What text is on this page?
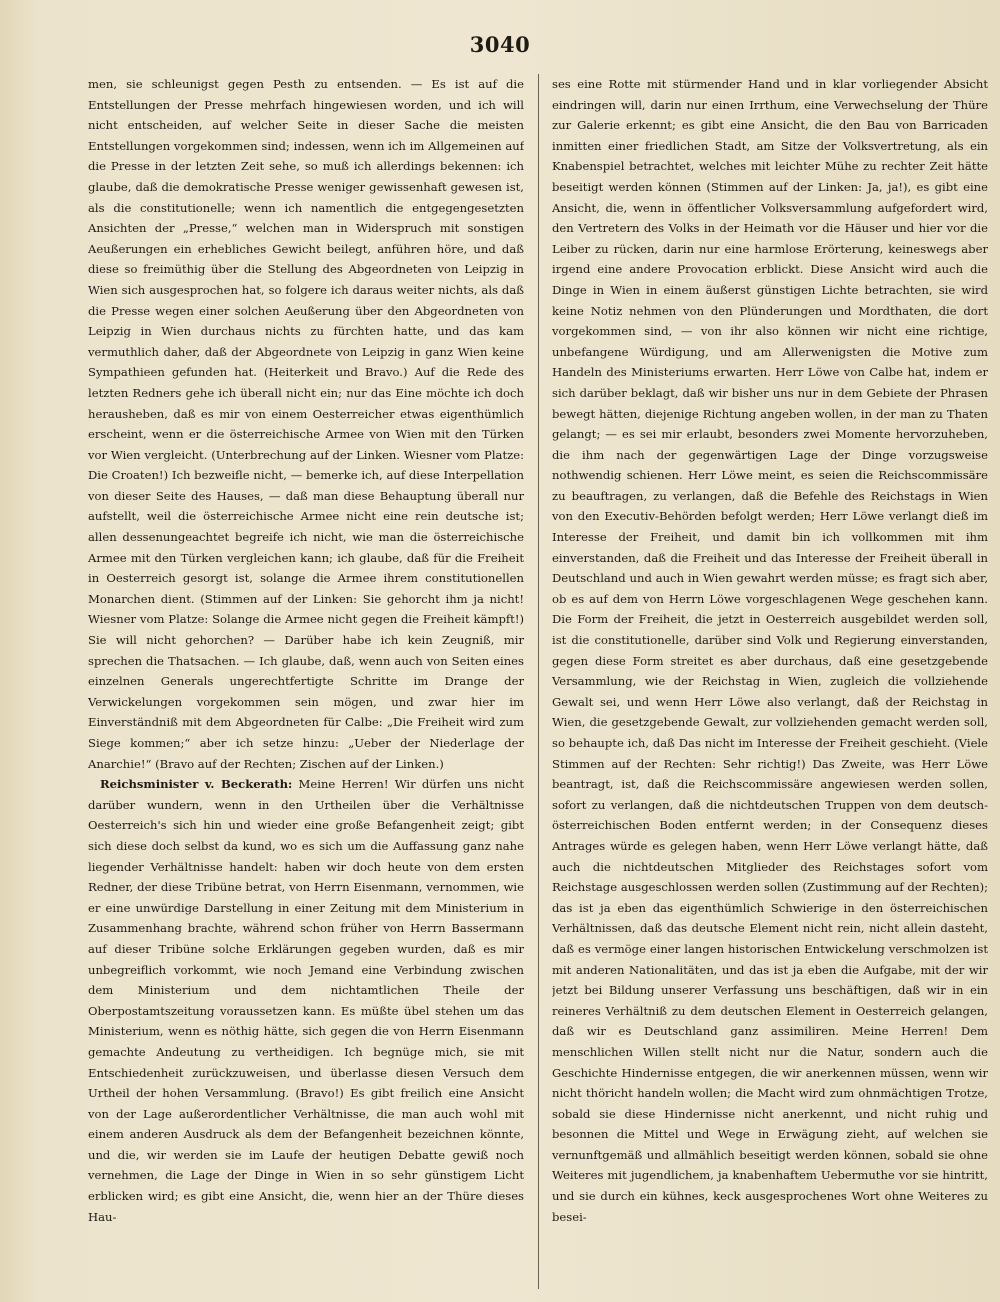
3040

men, sie schleunigst gegen Pesth zu entsenden. — Es ist auf die Entstellungen der Presse mehrfach hingewiesen worden, und ich will nicht entscheiden, auf welcher Seite in dieser Sache die meisten Entstellungen vorgekommen sind; indessen, wenn ich im Allgemeinen auf die Presse in der letzten Zeit sehe, so muß ich allerdings bekennen: ich glaube, daß die demokratische Presse weniger gewissenhaft gewesen ist, als die constitutionelle; wenn ich namentlich die entgegengesetzten Ansichten der „Presse,“ welchen man in Widerspruch mit sonstigen Aeußerungen ein erhebliches Gewicht beilegt, anführen höre, und daß diese so freimüthig über die Stellung des Abgeordneten von Leipzig in Wien sich ausgesprochen hat, so folgere ich daraus weiter nichts, als daß die Presse wegen einer solchen Aeußerung über den Abgeordneten von Leipzig in Wien durchaus nichts zu fürchten hatte, und das kam vermuthlich daher, daß der Abgeordnete von Leipzig in ganz Wien keine Sympathieen gefunden hat. (Heiterkeit und Bravo.) Auf die Rede des letzten Redners gehe ich überall nicht ein; nur das Eine möchte ich doch herausheben, daß es mir von einem Oesterreicher etwas eigenthümlich erscheint, wenn er die österreichische Armee von Wien mit den Türken vor Wien vergleicht. (Unterbrechung auf der Linken. Wiesner vom Platze: Die Croaten!) Ich bezweifle nicht, — bemerke ich, auf diese Interpellation von dieser Seite des Hauses, — daß man diese Behauptung überall nur aufstellt, weil die österreichische Armee nicht eine rein deutsche ist; allen dessenungeachtet begreife ich nicht, wie man die österreichische Armee mit den Türken vergleichen kann; ich glaube, daß für die Freiheit in Oesterreich gesorgt ist, solange die Armee ihrem constitutionellen Monarchen dient. (Stimmen auf der Linken: Sie gehorcht ihm ja nicht! Wiesner vom Platze: Solange die Armee nicht gegen die Freiheit kämpft!) Sie will nicht gehorchen? — Darüber habe ich kein Zeugniß, mir sprechen die Thatsachen. — Ich glaube, daß, wenn auch von Seiten eines einzelnen Generals ungerechtfertigte Schritte im Drange der Verwickelungen vorgekommen sein mögen, und zwar hier im Einverständniß mit dem Abgeordneten für Calbe: „Die Freiheit wird zum Siege kommen;“ aber ich setze hinzu: „Ueber der Niederlage der Anarchie!“ (Bravo auf der Rechten; Zischen auf der Linken.)

Reichsminister v. Beckerath: Meine Herren! Wir dürfen uns nicht darüber wundern, wenn in den Urtheilen über die Verhältnisse Oesterreich's sich hin und wieder eine große Befangenheit zeigt; gibt sich diese doch selbst da kund, wo es sich um die Auffassung ganz nahe liegender Verhältnisse handelt: haben wir doch heute von dem ersten Redner, der diese Tribüne betrat, von Herrn Eisenmann, vernommen, wie er eine unwürdige Darstellung in einer Zeitung mit dem Ministerium in Zusammenhang brachte, während schon früher von Herrn Bassermann auf dieser Tribüne solche Erklärungen gegeben wurden, daß es mir unbegreiflich vorkommt, wie noch Jemand eine Verbindung zwischen dem Ministerium und dem nichtamtlichen Theile der Oberpostamtszeitung voraussetzen kann. Es müßte übel stehen um das Ministerium, wenn es nöthig hätte, sich gegen die von Herrn Eisenmann gemachte Andeutung zu vertheidigen. Ich begnüge mich, sie mit Entschiedenheit zurückzuweisen, und überlasse diesen Versuch dem Urtheil der hohen Versammlung. (Bravo!) Es gibt freilich eine Ansicht von der Lage außerordentlicher Verhältnisse, die man auch wohl mit einem anderen Ausdruck als dem der Befangenheit bezeichnen könnte, und die, wir werden sie im Laufe der heutigen Debatte gewiß noch vernehmen, die Lage der Dinge in Wien in so sehr günstigem Licht erblicken wird; es gibt eine Ansicht, die, wenn hier an der Thüre dieses Hau-

ses eine Rotte mit stürmender Hand und in klar vorliegender Absicht eindringen will, darin nur einen Irrthum, eine Verwechselung der Thüre zur Galerie erkennt; es gibt eine Ansicht, die den Bau von Barricaden inmitten einer friedlichen Stadt, am Sitze der Volksvertretung, als ein Knabenspiel betrachtet, welches mit leichter Mühe zu rechter Zeit hätte beseitigt werden können (Stimmen auf der Linken: Ja, ja!), es gibt eine Ansicht, die, wenn in öffentlicher Volksversammlung aufgefordert wird, den Vertretern des Volks in der Heimath vor die Häuser und hier vor die Leiber zu rücken, darin nur eine harmlose Erörterung, keineswegs aber irgend eine andere Provocation erblickt. Diese Ansicht wird auch die Dinge in Wien in einem äußerst günstigen Lichte betrachten, sie wird keine Notiz nehmen von den Plünderungen und Mordthaten, die dort vorgekommen sind, — von ihr also können wir nicht eine richtige, unbefangene Würdigung, und am Allerwenigsten die Motive zum Handeln des Ministeriums erwarten. Herr Löwe von Calbe hat, indem er sich darüber beklagt, daß wir bisher uns nur in dem Gebiete der Phrasen bewegt hätten, diejenige Richtung angeben wollen, in der man zu Thaten gelangt; — es sei mir erlaubt, besonders zwei Momente hervorzuheben, die ihm nach der gegenwärtigen Lage der Dinge vorzugsweise nothwendig schienen. Herr Löwe meint, es seien die Reichscommissäre zu beauftragen, zu verlangen, daß die Befehle des Reichstags in Wien von den Executiv-Behörden befolgt werden; Herr Löwe verlangt dieß im Interesse der Freiheit, und damit bin ich vollkommen mit ihm einverstanden, daß die Freiheit und das Interesse der Freiheit überall in Deutschland und auch in Wien gewahrt werden müsse; es fragt sich aber, ob es auf dem von Herrn Löwe vorgeschlagenen Wege geschehen kann. Die Form der Freiheit, die jetzt in Oesterreich ausgebildet werden soll, ist die constitutionelle, darüber sind Volk und Regierung einverstanden, gegen diese Form streitet es aber durchaus, daß eine gesetzgebende Versammlung, wie der Reichstag in Wien, zugleich die vollziehende Gewalt sei, und wenn Herr Löwe also verlangt, daß der Reichstag in Wien, die gesetzgebende Gewalt, zur vollziehenden gemacht werden soll, so behaupte ich, daß Das nicht im Interesse der Freiheit geschieht. (Viele Stimmen auf der Rechten: Sehr richtig!) Das Zweite, was Herr Löwe beantragt, ist, daß die Reichscommissäre angewiesen werden sollen, sofort zu verlangen, daß die nichtdeutschen Truppen von dem deutsch-österreichischen Boden entfernt werden; in der Consequenz dieses Antrages würde es gelegen haben, wenn Herr Löwe verlangt hätte, daß auch die nichtdeutschen Mitglieder des Reichstages sofort vom Reichstage ausgeschlossen werden sollen (Zustimmung auf der Rechten); das ist ja eben das eigenthümlich Schwierige in den österreichischen Verhältnissen, daß das deutsche Element nicht rein, nicht allein dasteht, daß es vermöge einer langen historischen Entwickelung verschmolzen ist mit anderen Nationalitäten, und das ist ja eben die Aufgabe, mit der wir jetzt bei Bildung unserer Verfassung uns beschäftigen, daß wir in ein reineres Verhältniß zu dem deutschen Element in Oesterreich gelangen, daß wir es Deutschland ganz assimiliren. Meine Herren! Dem menschlichen Willen stellt nicht nur die Natur, sondern auch die Geschichte Hindernisse entgegen, die wir anerkennen müssen, wenn wir nicht thöricht handeln wollen; die Macht wird zum ohnmächtigen Trotze, sobald sie diese Hindernisse nicht anerkennt, und nicht ruhig und besonnen die Mittel und Wege in Erwägung zieht, auf welchen sie vernunftgemäß und allmählich beseitigt werden können, sobald sie ohne Weiteres mit jugendlichem, ja knabenhaftem Uebermuthe vor sie hintritt, und sie durch ein kühnes, keck ausgesprochenes Wort ohne Weiteres zu besei-
